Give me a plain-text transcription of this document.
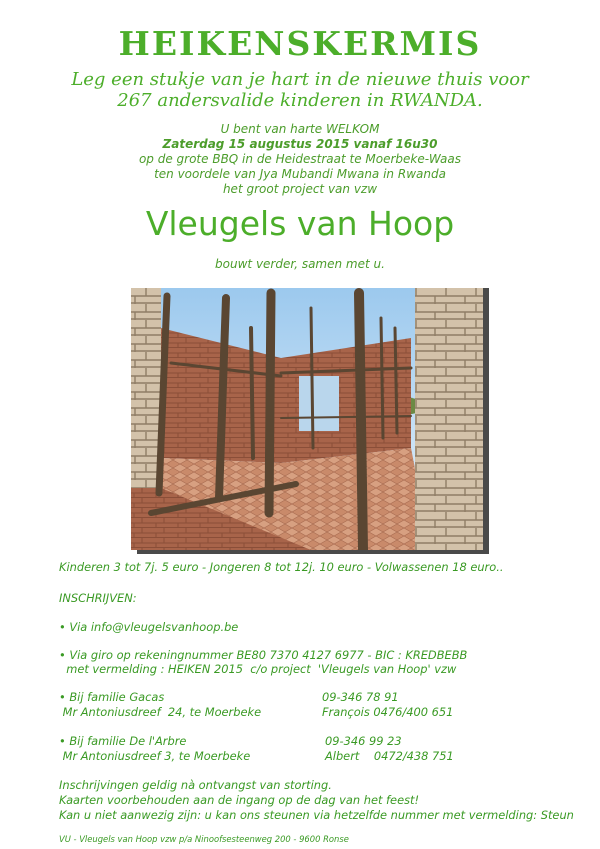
HEIKENSKERMIS
Leg een stukje van je hart in de nieuwe thuis voor
267 andersvalide kinderen in RWANDA.
U bent van harte WELKOM
Zaterdag 15 augustus 2015 vanaf 16u30
op de grote BBQ in de Heidestraat te Moerbeke-Waas
ten voordele van Jya Mubandi Mwana in Rwanda
het groot project van vzw
Vleugels van Hoop
bouwt verder, samen met u.
Kinderen 3 tot 7j. 5 euro - Jongeren 8 tot 12j. 10 euro - Volwassenen 18 euro..
INSCHRIJVEN:
• Via info@vleugelsvanhoop.be
• Via giro op rekeningnummer BE80 7370 4127 6977 - BIC : KREDBEBB
met vermelding : HEIKEN 2015  c/o project  'Vleugels van Hoop' vzw
• Bij familie Gacas
Mr Antoniusdreef  24, te Moerbeke
09-346 78 91
François 0476/400 651
• Bij familie De l'Arbre
Mr Antoniusdreef 3, te Moerbeke
09-346 99 23
Albert    0472/438 751
Inschrijvingen geldig nà ontvangst van storting.
Kaarten voorbehouden aan de ingang op de dag van het feest!
Kan u niet aanwezig zijn: u kan ons steunen via hetzelfde nummer met vermelding: Steun
VU - Vleugels van Hoop vzw p/a Ninoofsesteenweg 200 - 9600 Ronse
